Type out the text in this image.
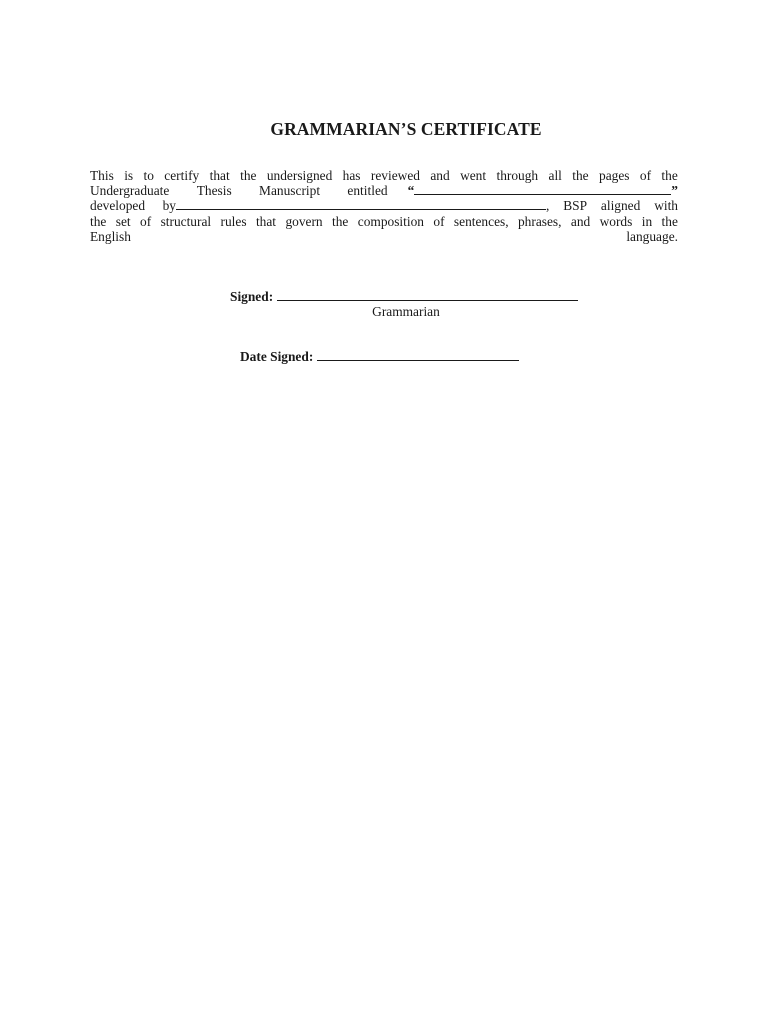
GRAMMARIAN’S CERTIFICATE
This is to certify that the undersigned has reviewed and went through all the pages of the
Undergraduate Thesis Manuscript entitled “	”
developed by	, BSP aligned with
the set of structural rules that govern the composition of sentences, phrases, and words in the
English	language.
Signed:
Grammarian
Date Signed:
